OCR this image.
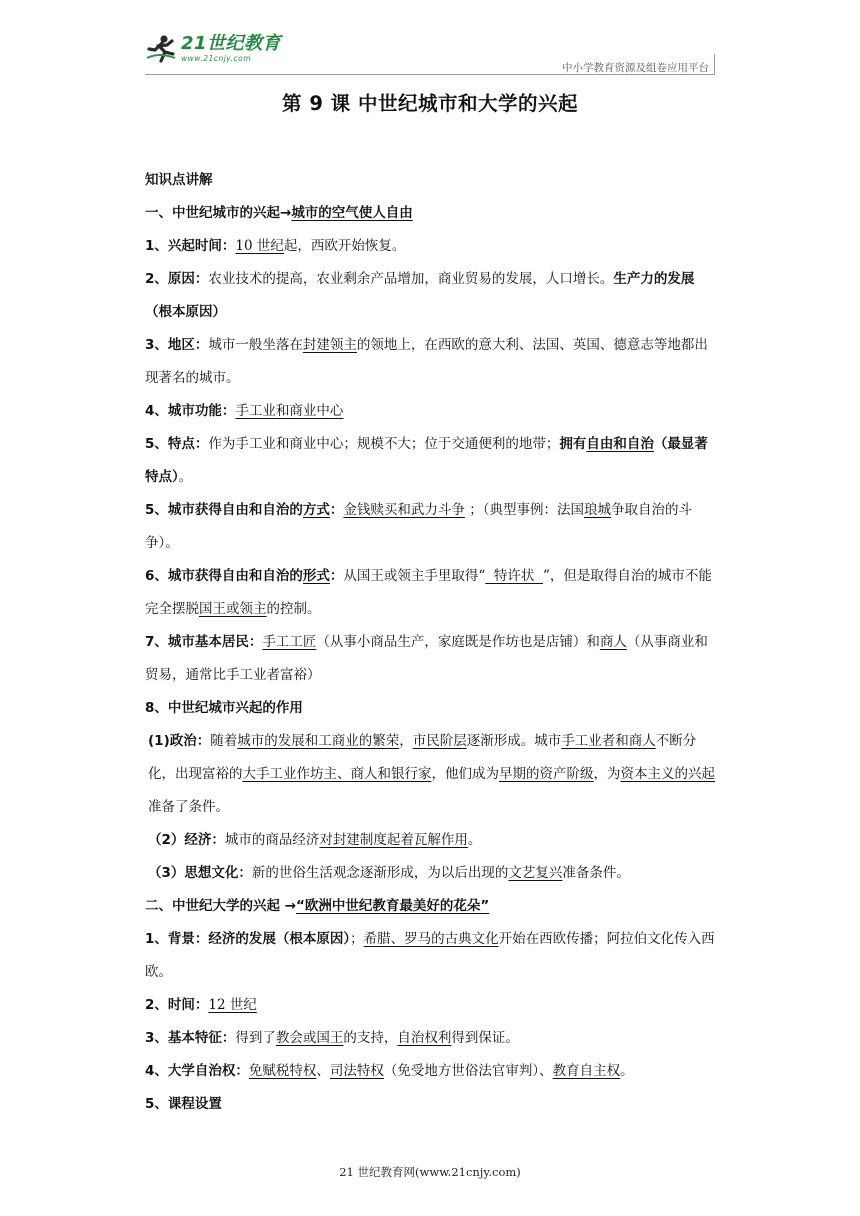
21世纪教育
www.21cnjy.com
中小学教育资源及组卷应用平台
第 9 课 中世纪城市和大学的兴起

知识点讲解

一、中世纪城市的兴起→城市的空气使人自由

1、兴起时间：10 世纪起，西欧开始恢复。

2、原因：农业技术的提高，农业剩余产品增加，商业贸易的发展，人口增长。生产力的发展（根本原因）

3、地区：城市一般坐落在封建领主的领地上，在西欧的意大利、法国、英国、德意志等地都出现著名的城市。

4、城市功能：手工业和商业中心

5、特点：作为手工业和商业中心；规模不大；位于交通便利的地带；拥有自由和自治（最显著特点）。

5、城市获得自由和自治的方式：金钱赎买和武力斗争 ；（典型事例：法国琅城争取自治的斗争）。

6、城市获得自由和自治的形式：从国王或领主手里取得“  特许状  ”，但是取得自治的城市不能完全摆脱国王或领主的控制。

7、城市基本居民：手工工匠（从事小商品生产，家庭既是作坊也是店铺）和商人（从事商业和贸易，通常比手工业者富裕）

8、中世纪城市兴起的作用

(1)政治：随着城市的发展和工商业的繁荣，市民阶层逐渐形成。城市手工业者和商人不断分化，出现富裕的大手工业作坊主、商人和银行家，他们成为早期的资产阶级，为资本主义的兴起准备了条件。

（2）经济：城市的商品经济对封建制度起着瓦解作用。

（3）思想文化：新的世俗生活观念逐渐形成，为以后出现的文艺复兴准备条件。

二、中世纪大学的兴起 →“欧洲中世纪教育最美好的花朵”

1、背景：经济的发展（根本原因）；希腊、罗马的古典文化开始在西欧传播；阿拉伯文化传入西欧。

2、时间：12 世纪

3、基本特征：得到了教会或国王的支持，自治权利得到保证。

4、大学自治权：免赋税特权、司法特权（免受地方世俗法官审判）、教育自主权。

5、课程设置

21 世纪教育网(www.21cnjy.com)
